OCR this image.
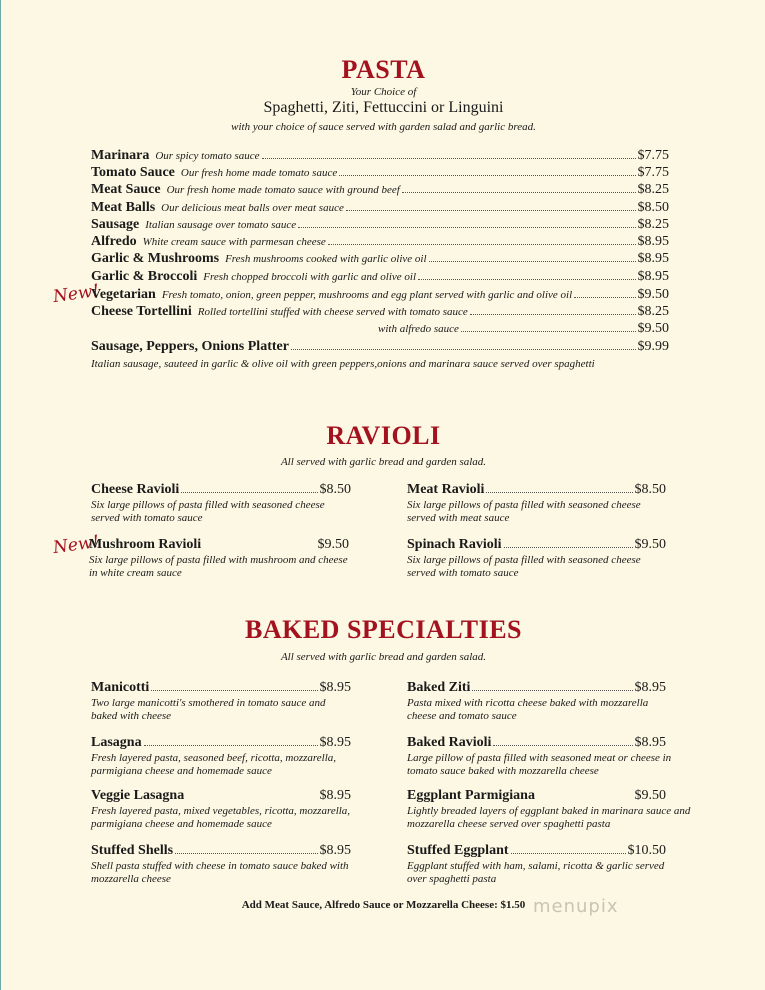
PASTA
Your Choice of
Spaghetti, Ziti, Fettuccini or Linguini
with your choice of sauce served with garden salad and garlic bread.
Marinara Our spicy tomato sauce	$7.75
Tomato Sauce Our fresh home made tomato sauce	$7.75
Meat Sauce Our fresh home made tomato sauce with ground beef	$8.25
Meat Balls Our delicious meat balls over meat sauce	$8.50
Sausage Italian sausage over tomato sauce	$8.25
Alfredo White cream sauce with parmesan cheese	$8.95
Garlic & Mushrooms Fresh mushrooms cooked with garlic olive oil	$8.95
Garlic & Broccoli Fresh chopped broccoli with garlic and olive oil	$8.95
New!
Vegetarian Fresh tomato, onion, green pepper, mushrooms and egg plant served with garlic and olive oil	$9.50
Cheese Tortellini Rolled tortellini stuffed with cheese served with tomato sauce	$8.25
with alfredo sauce	$9.50
Sausage, Peppers, Onions Platter	$9.99
Italian sausage, sauteed in garlic & olive oil with green peppers,onions and marinara sauce served over spaghetti
RAVIOLI
All served with garlic bread and garden salad.
Cheese Ravioli	$8.50
Six large pillows of pasta filled with seasoned cheese served with tomato sauce
Meat Ravioli	$8.50
Six large pillows of pasta filled with seasoned cheese served with meat sauce
New!
Mushroom Ravioli	$9.50
Six large pillows of pasta filled with mushroom and cheese in white cream sauce
Spinach Ravioli	$9.50
Six large pillows of pasta filled with seasoned cheese served with tomato sauce
BAKED SPECIALTIES
All served with garlic bread and garden salad.
Manicotti	$8.95
Two large manicotti's smothered in tomato sauce and baked with cheese
Baked Ziti	$8.95
Pasta mixed with ricotta cheese baked with mozzarella cheese and tomato sauce
Lasagna	$8.95
Fresh layered pasta, seasoned beef, ricotta, mozzarella, parmigiana cheese and homemade sauce
Baked Ravioli	$8.95
Large pillow of pasta filled with seasoned meat or cheese in tomato sauce baked with mozzarella cheese
Veggie Lasagna	$8.95
Fresh layered pasta, mixed vegetables, ricotta, mozzarella, parmigiana cheese and homemade sauce
Eggplant Parmigiana	$9.50
Lightly breaded layers of eggplant baked in marinara sauce and mozzarella cheese served over spaghetti pasta
Stuffed Shells	$8.95
Shell pasta stuffed with cheese in tomato sauce baked with mozzarella cheese
Stuffed Eggplant	$10.50
Eggplant stuffed with ham, salami, ricotta & garlic served over spaghetti pasta
Add Meat Sauce, Alfredo Sauce or Mozzarella Cheese: $1.50 menupix
